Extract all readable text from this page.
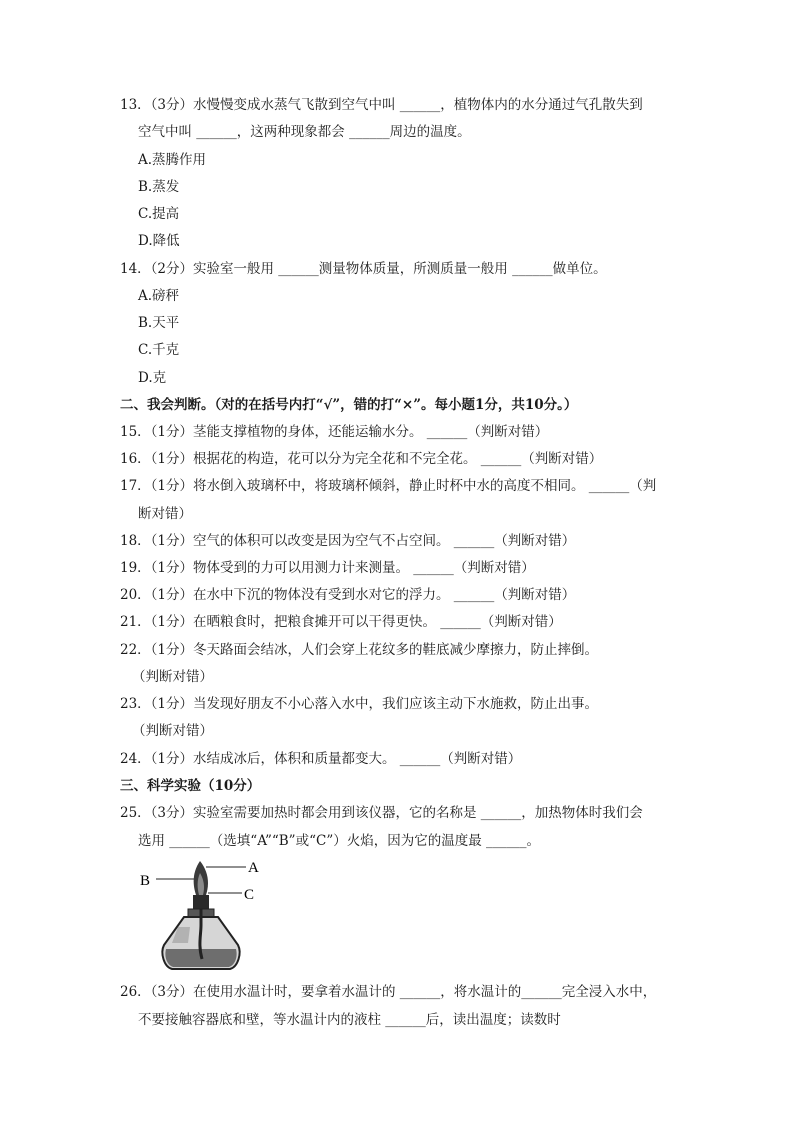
13．（3分）水慢慢变成水蒸气飞散到空气中叫 ______，植物体内的水分通过气孔散失到
空气中叫 ______，这两种现象都会 ______周边的温度。
A.蒸腾作用
B.蒸发
C.提高
D.降低
14．（2分）实验室一般用 ______测量物体质量，所测质量一般用 ______做单位。
A.磅秤
B.天平
C.千克
D.克
二、我会判断。（对的在括号内打“√”，错的打“×”。每小题1分，共10分。）
15．（1分）茎能支撑植物的身体，还能运输水分。 ______（判断对错）
16．（1分）根据花的构造，花可以分为完全花和不完全花。 ______（判断对错）
17．（1分）将水倒入玻璃杯中，将玻璃杯倾斜，静止时杯中水的高度不相同。 ______（判
断对错）
18．（1分）空气的体积可以改变是因为空气不占空间。 ______（判断对错）
19．（1分）物体受到的力可以用测力计来测量。 ______（判断对错）
20．（1分）在水中下沉的物体没有受到水对它的浮力。 ______（判断对错）
21．（1分）在晒粮食时，把粮食摊开可以干得更快。 ______（判断对错）
22．（1分）冬天路面会结冰，人们会穿上花纹多的鞋底减少摩擦力，防止摔倒。
（判断对错）
23．（1分）当发现好朋友不小心落入水中，我们应该主动下水施救，防止出事。
（判断对错）
24．（1分）水结成冰后，体积和质量都变大。 ______（判断对错）
三、科学实验（10分）
25．（3分）实验室需要加热时都会用到该仪器，它的名称是 ______，加热物体时我们会
选用 ______（选填“A”“B”或“C”）火焰，因为它的温度最 ______。
A
B
C
26．（3分）在使用水温计时，要拿着水温计的 ______，将水温计的______完全浸入水中，
不要接触容器底和壁，等水温计内的液柱 ______后，读出温度；读数时
